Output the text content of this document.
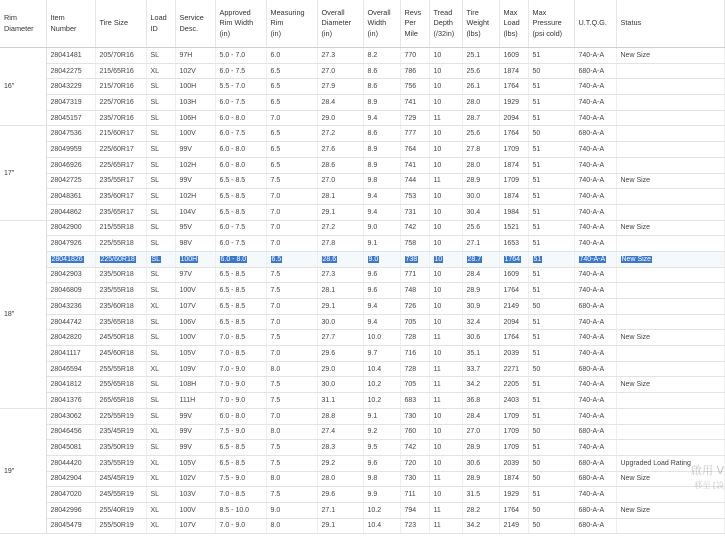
Rim
Diameter	Item
Number	Tire Size	Load
ID	Service
Desc.	Approved
Rim Width
(in)	Measuring
Rim
(in)	Overall
Diameter
(in)	Overall
Width
(in)	Revs
Per
Mile	Tread
Depth
(/32in)	Tire
Weight
(lbs)	Max
Load
(lbs)	Max
Pressure
(psi cold)	U.T.Q.G.	Status
16"	28041481	205/70R16	SL	97H	5.0 - 7.0	6.0	27.3	8.2	770	10	25.1	1609	51	740-A-A	New Size
	28042275	215/65R16	XL	102V	6.0 - 7.5	6.5	27.0	8.6	786	10	25.6	1874	50	680-A-A	
	28043229	215/70R16	SL	100H	5.5 - 7.0	6.5	27.9	8.6	756	10	26.1	1764	51	740-A-A	
	28047319	225/70R16	SL	103H	6.0 - 7.5	6.5	28.4	8.9	741	10	28.0	1929	51	740-A-A	
	28045157	235/70R16	SL	106H	6.0 - 8.0	7.0	29.0	9.4	729	11	28.7	2094	51	740-A-A	
17"	28047536	215/60R17	SL	100V	6.0 - 7.5	6.5	27.2	8.6	777	10	25.6	1764	50	680-A-A	
	28049959	225/60R17	SL	99V	6.0 - 8.0	6.5	27.6	8.9	764	10	27.8	1709	51	740-A-A	
	28046926	225/65R17	SL	102H	6.0 - 8.0	6.5	28.6	8.9	741	10	28.0	1874	51	740-A-A	
	28042725	235/55R17	SL	99V	6.5 - 8.5	7.5	27.0	9.8	744	11	28.9	1709	51	740-A-A	New Size
	28048361	235/60R17	SL	102H	6.5 - 8.5	7.0	28.1	9.4	753	10	30.0	1874	51	740-A-A	
	28044862	235/65R17	SL	104V	6.5 - 8.5	7.0	29.1	9.4	731	10	30.4	1984	51	740-A-A	
18"	28042900	215/55R18	SL	95V	6.0 - 7.5	7.0	27.2	9.0	742	10	25.6	1521	51	740-A-A	New Size
	28047926	225/55R18	SL	98V	6.0 - 7.5	7.0	27.8	9.1	758	10	27.1	1653	51	740-A-A	
	28041826	225/60R18	SL	100H	6.0 - 8.0	6.5	28.6	9.0	738	10	28.7	1764	51	740-A-A	New Size
	28042903	235/50R18	SL	97V	6.5 - 8.5	7.5	27.3	9.6	771	10	28.4	1609	51	740-A-A	
	28046809	235/55R18	SL	100V	6.5 - 8.5	7.5	28.1	9.6	748	10	28.9	1764	51	740-A-A	
	28043236	235/60R18	XL	107V	6.5 - 8.5	7.0	29.1	9.4	726	10	30.9	2149	50	680-A-A	
	28044742	235/65R18	SL	106V	6.5 - 8.5	7.0	30.0	9.4	705	10	32.4	2094	51	740-A-A	
	28042820	245/50R18	SL	100V	7.0 - 8.5	7.5	27.7	10.0	728	11	30.6	1764	51	740-A-A	New Size
	28041117	245/60R18	SL	105V	7.0 - 8.5	7.0	29.6	9.7	716	10	35.1	2039	51	740-A-A	
	28046594	255/55R18	XL	109V	7.0 - 9.0	8.0	29.0	10.4	728	11	33.7	2271	50	680-A-A	
	28041812	255/65R18	SL	108H	7.0 - 9.0	7.5	30.0	10.2	705	11	34.2	2205	51	740-A-A	New Size
	28041376	265/65R18	SL	111H	7.0 - 9.0	7.5	31.1	10.2	683	11	36.8	2403	51	740-A-A	
19"	28043062	225/55R19	SL	99V	6.0 - 8.0	7.0	28.8	9.1	730	10	28.4	1709	51	740-A-A	
	28046456	235/45R19	XL	99V	7.5 - 9.0	8.0	27.4	9.2	760	10	27.0	1709	50	680-A-A	
	28045081	235/50R19	SL	99V	6.5 - 8.5	7.5	28.3	9.5	742	10	28.9	1709	51	740-A-A	
	28044420	235/55R19	XL	105V	6.5 - 8.5	7.5	29.2	9.6	720	10	30.6	2039	50	680-A-A	Upgraded Load Rating
	28042904	245/45R19	XL	102V	7.5 - 9.0	8.0	28.0	9.8	730	11	28.9	1874	50	680-A-A	New Size
	28047020	245/55R19	SL	103V	7.0 - 8.5	7.5	29.6	9.9	711	10	31.5	1929	51	740-A-A	
	28042996	255/40R19	XL	100V	8.5 - 10.0	9.0	27.1	10.2	794	11	28.2	1764	50	680-A-A	New Size
	28045479	255/50R19	XL	107V	7.0 - 9.0	8.0	29.1	10.4	723	11	34.2	2149	50	680-A-A	
啟用 V
移至 [設
